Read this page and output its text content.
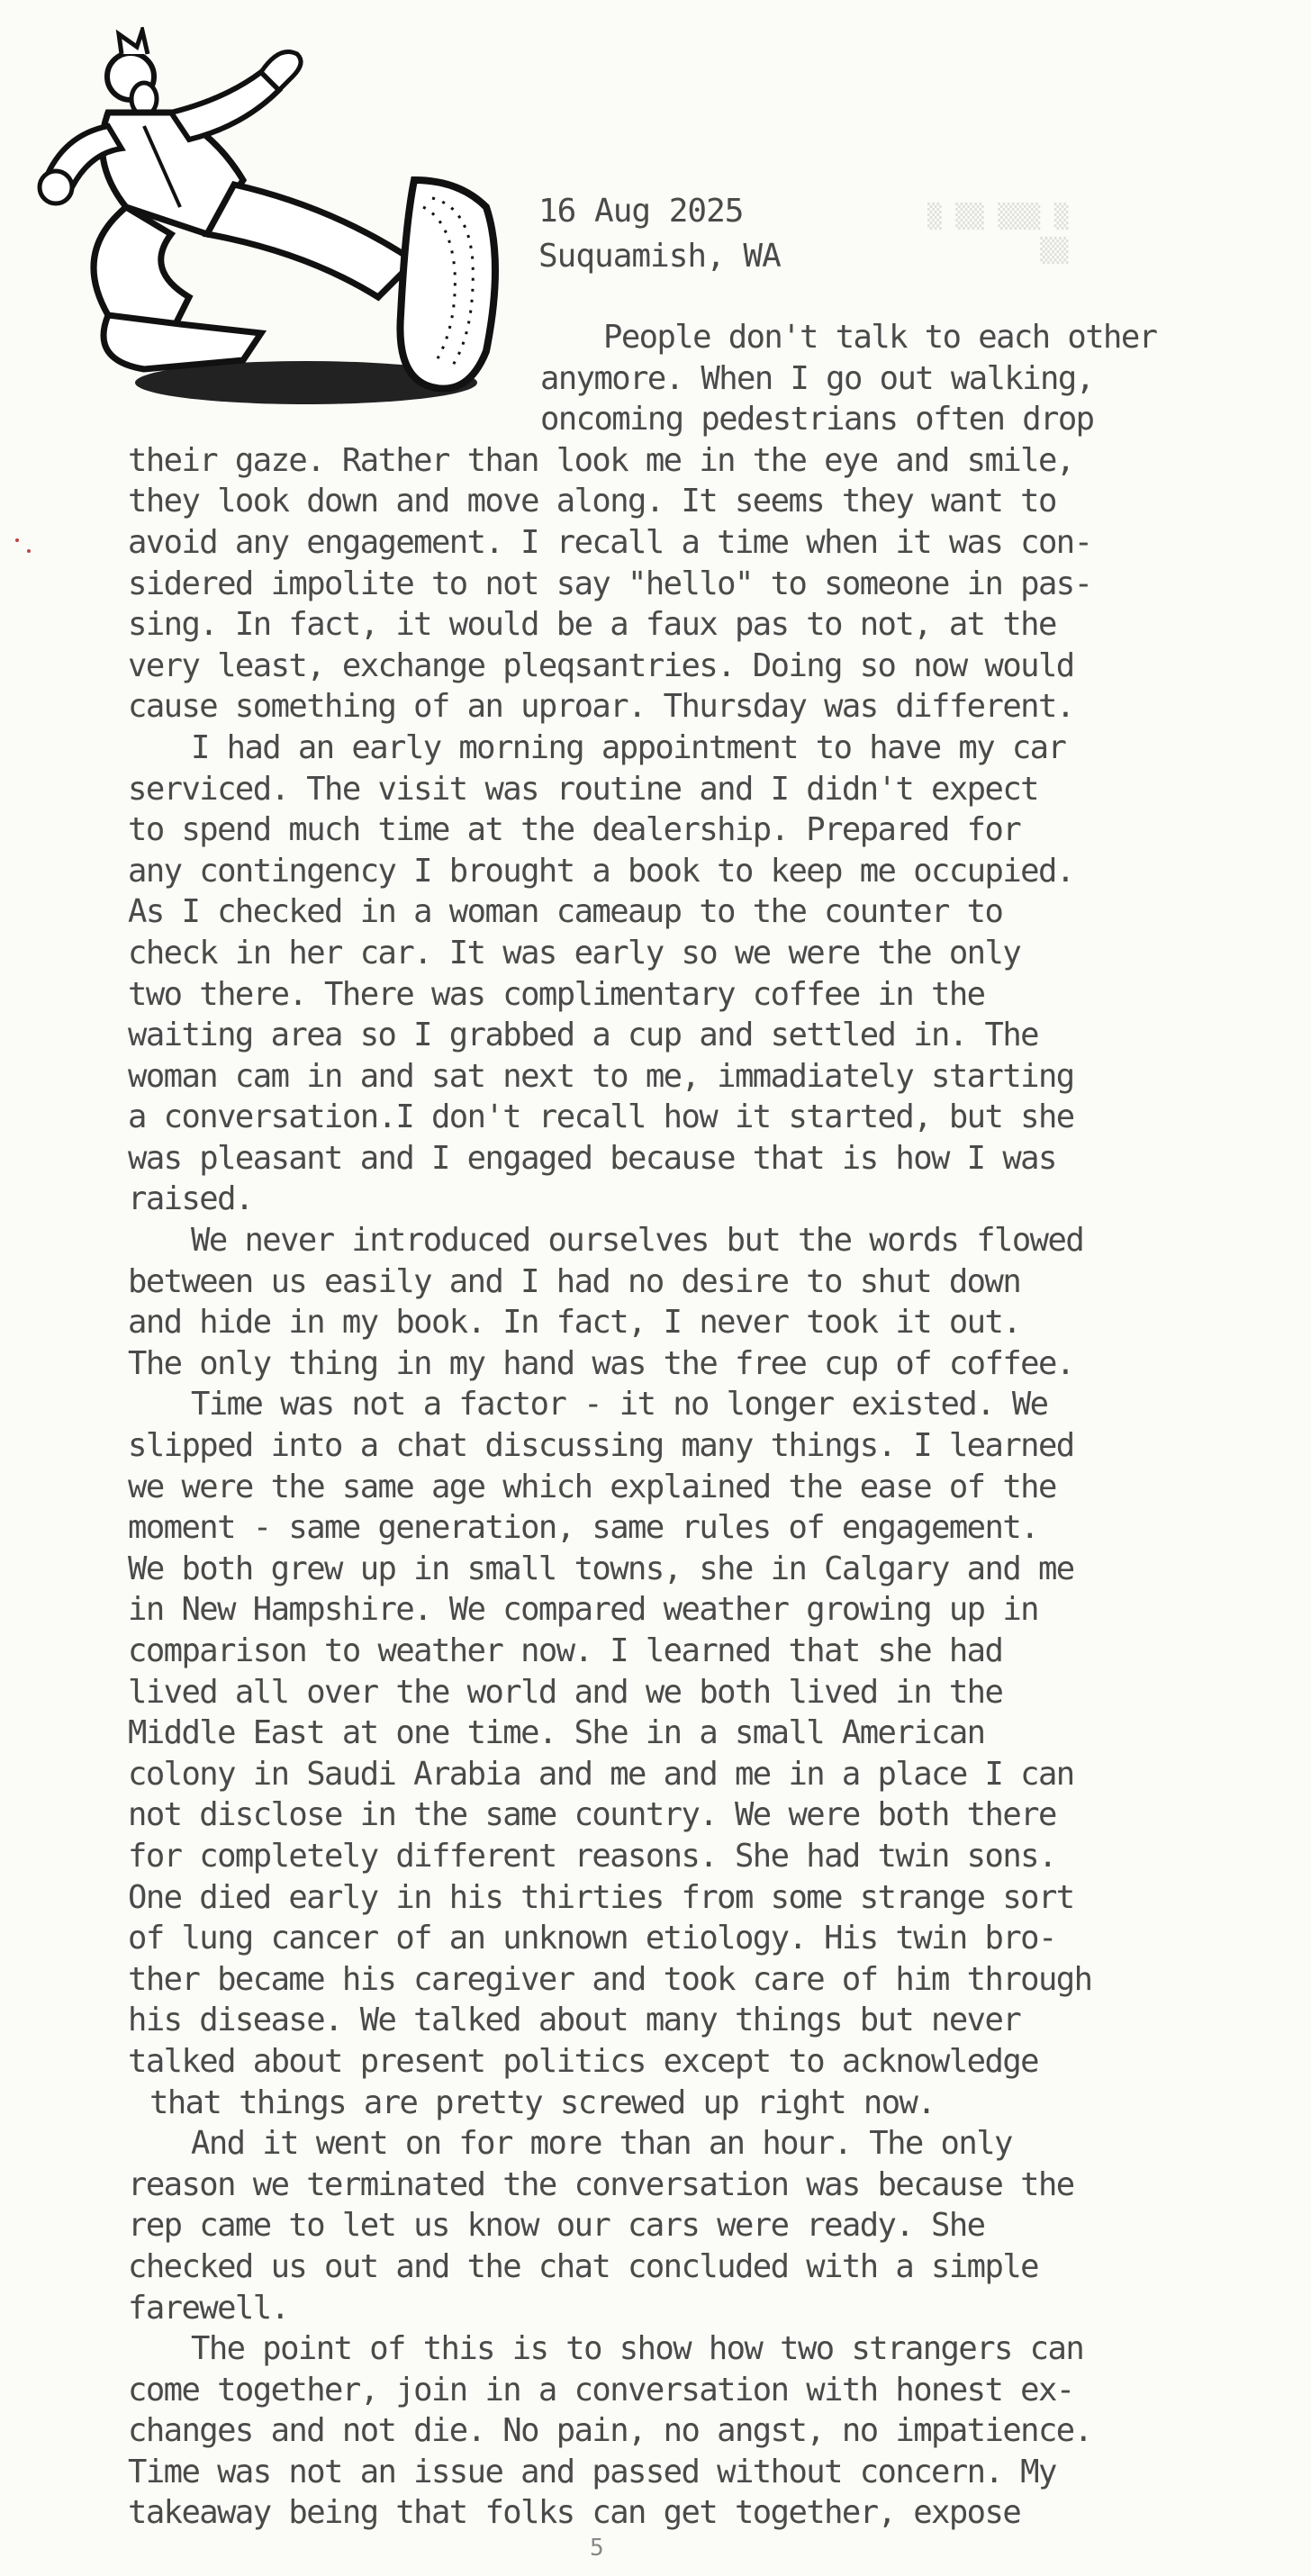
16 Aug 2025
Suquamish, WA
▒ ▒▒ ▒▒▒ ▒
▒▒
People don't talk to each other
anymore. When I go out walking,
oncoming pedestrians often drop
their gaze. Rather than look me in the eye and smile,
they look down and move along. It seems they want to
avoid any engagement. I recall a time when it was con-
sidered impolite to not say "hello" to someone in pas-
sing. In fact, it would be a faux pas to not, at the
very least, exchange pleqsantries. Doing so now would
cause something of an uproar. Thursday was different.
I had an early morning appointment to have my car
serviced. The visit was routine and I didn't expect
to spend much time at the dealership. Prepared for
any contingency I brought a book to keep me occupied.
As I checked in a woman cameaup to the counter to
check in her car. It was early so we were the only
two there. There was complimentary coffee in the
waiting area so I grabbed a cup and settled in. The
woman cam in and sat next to me, immadiately starting
a conversation.I don't recall how it started, but she
was pleasant and I engaged because that is how I was
raised.
We never introduced ourselves but the words flowed
between us easily and I had no desire to shut down
and hide in my book. In fact, I never took it out.
The only thing in my hand was the free cup of coffee.
Time was not a factor - it no longer existed. We
slipped into a chat discussing many things. I learned
we were the same age which explained the ease of the
moment - same generation, same rules of engagement.
We both grew up in small towns, she in Calgary and me
in New Hampshire. We compared weather growing up in
comparison to weather now. I learned that she had
lived all over the world and we both lived in the
Middle East at one time. She in a small American
colony in Saudi Arabia and me and me in a place I can
not disclose in the same country. We were both there
for completely different reasons. She had twin sons.
One died early in his thirties from some strange sort
of lung cancer of an unknown etiology. His twin bro-
ther became his caregiver and took care of him through
his disease. We talked about many things but never
talked about present politics except to acknowledge
that things are pretty screwed up right now.
And it went on for more than an hour. The only
reason we terminated the conversation was because the
rep came to let us know our cars were ready. She
checked us out and the chat concluded with a simple
farewell.
The point of this is to show how two strangers can
come together, join in a conversation with honest ex-
changes and not die. No pain, no angst, no impatience.
Time was not an issue and passed without concern. My
takeaway being that folks can get together, expose
5
